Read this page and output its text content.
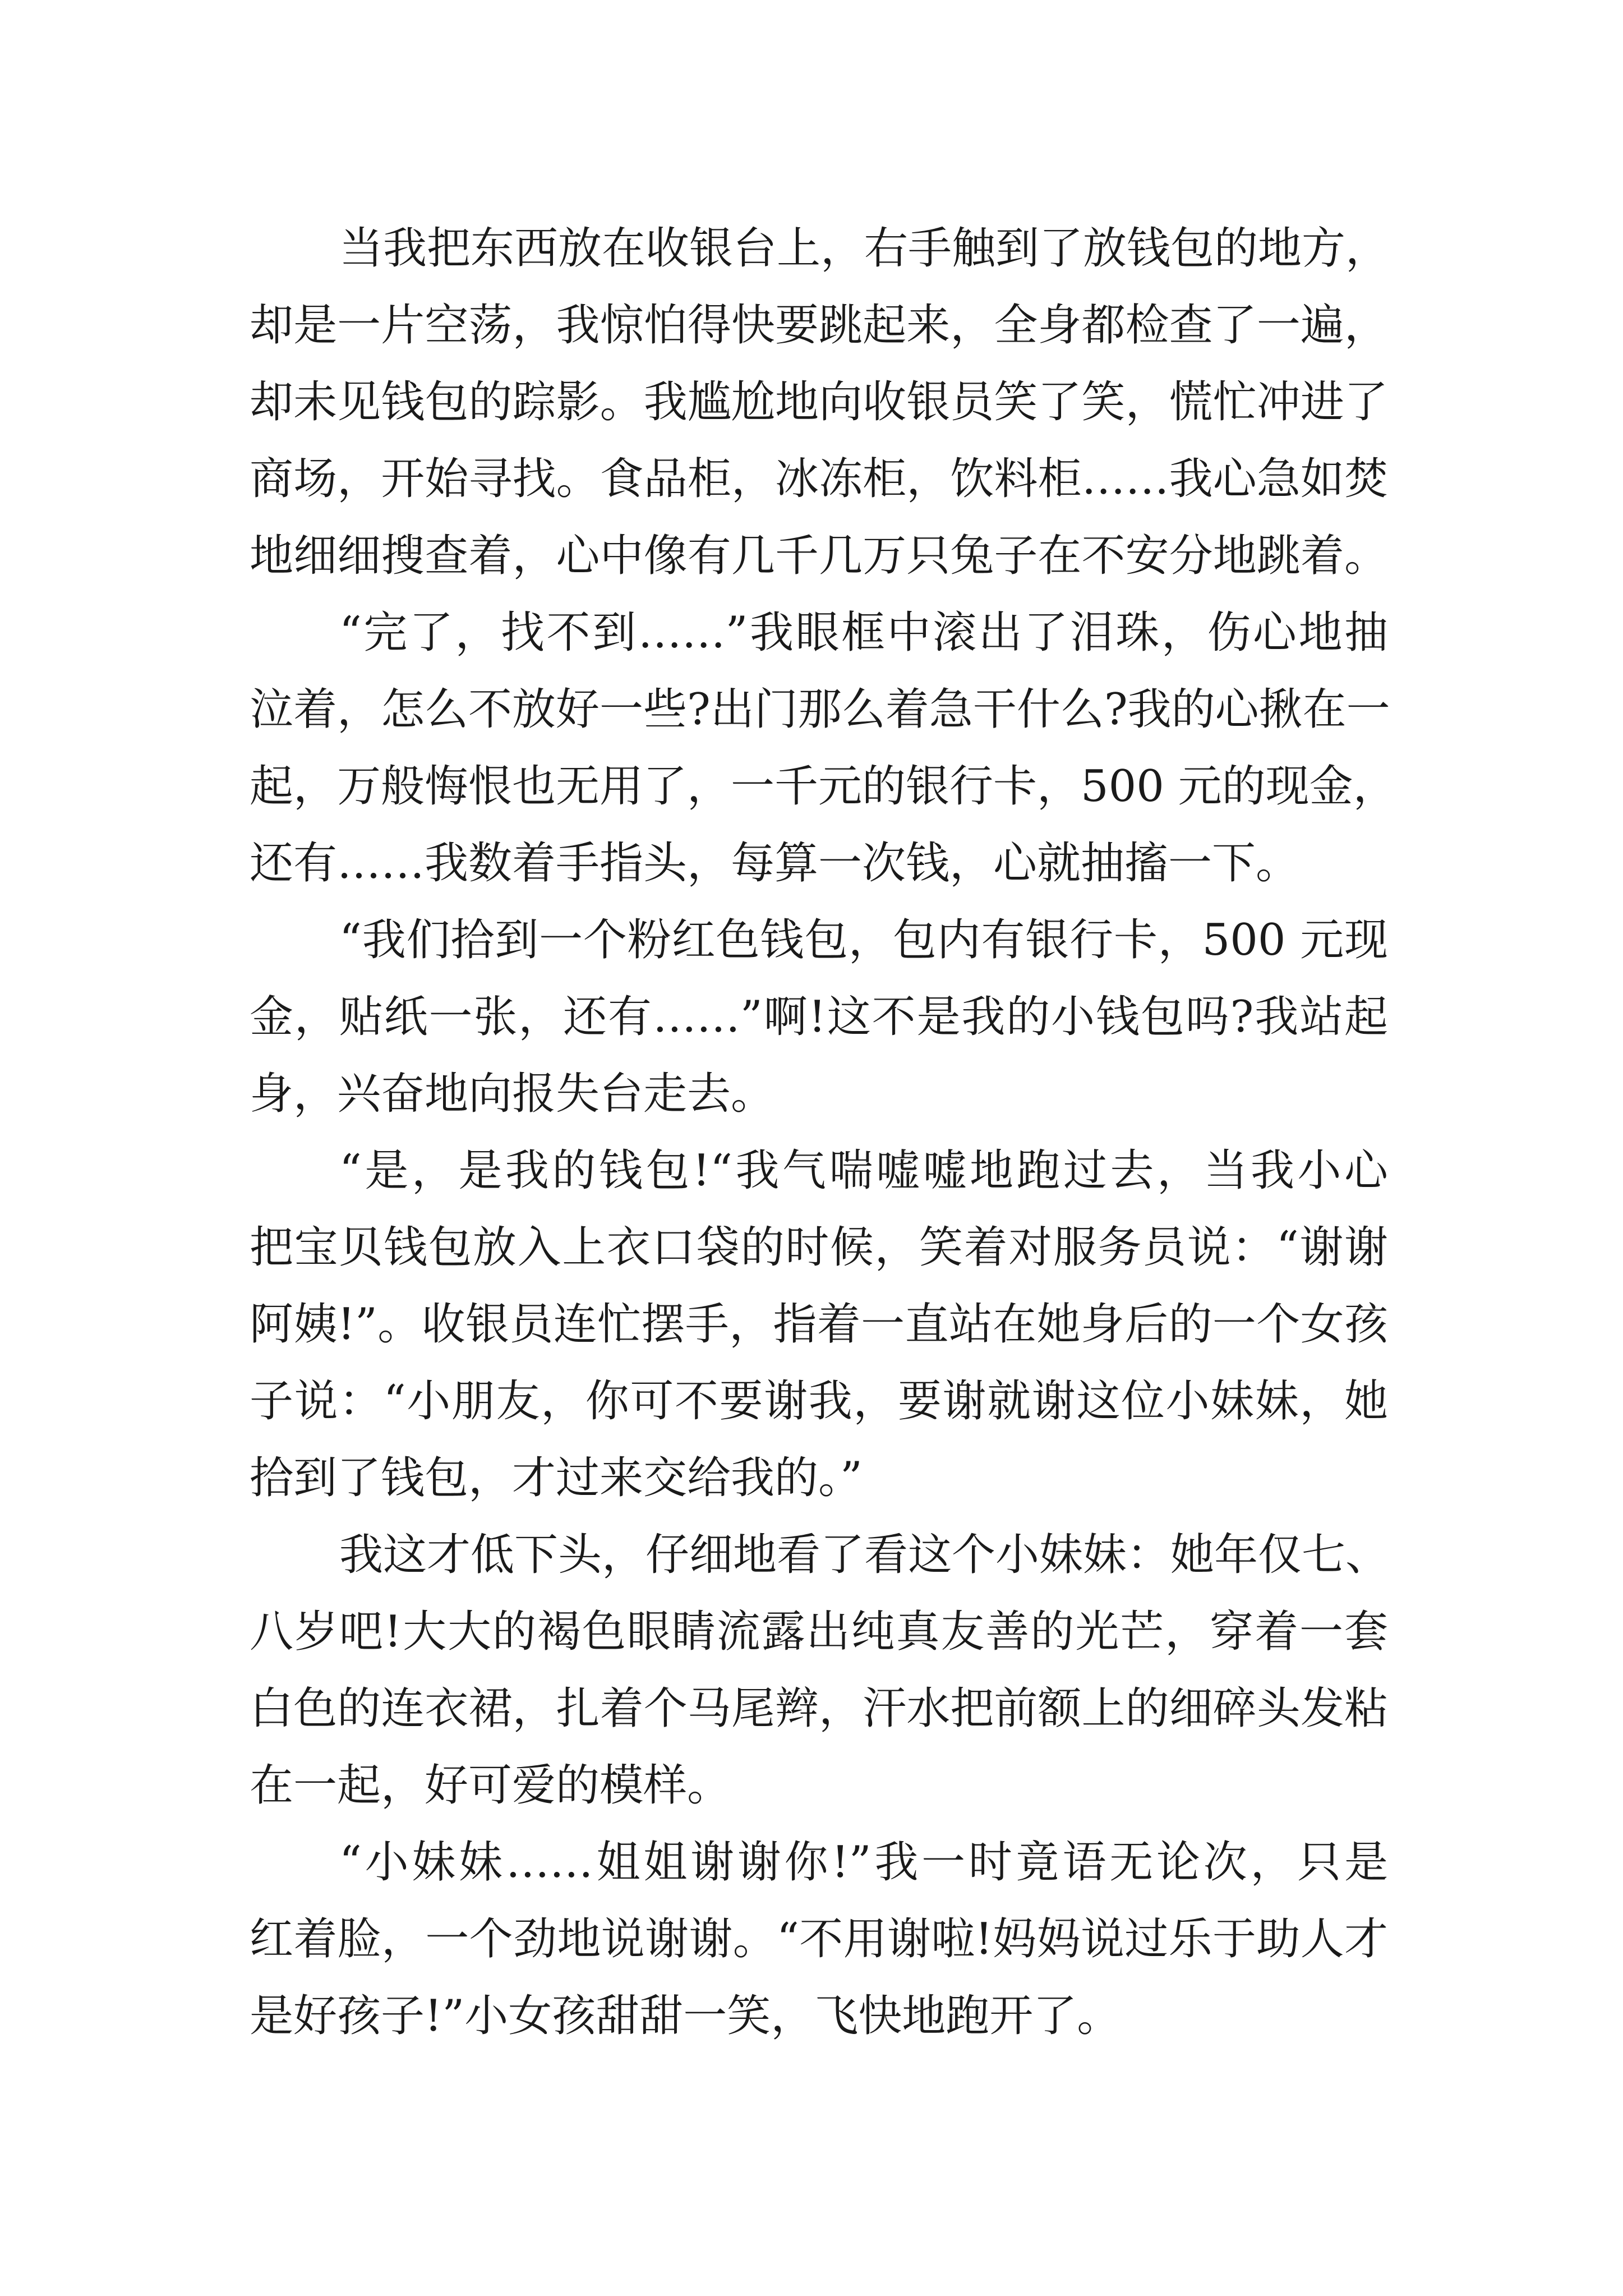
当我把东西放在收银台上，右手触到了放钱包的地方，
却是一片空荡，我惊怕得快要跳起来，全身都检查了一遍，
却未见钱包的踪影。我尴尬地向收银员笑了笑，慌忙冲进了
商场，开始寻找。食品柜，冰冻柜，饮料柜……我心急如焚
地细细搜查着，心中像有几千几万只兔子在不安分地跳着。

“完了，找不到……”我眼框中滚出了泪珠，伤心地抽
泣着，怎么不放好一些?出门那么着急干什么?我的心揪在一
起，万般悔恨也无用了，一千元的银行卡，500 元的现金，
还有……我数着手指头，每算一次钱，心就抽搐一下。

“我们拾到一个粉红色钱包，包内有银行卡，500 元现
金，贴纸一张，还有……”啊!这不是我的小钱包吗?我站起
身，兴奋地向报失台走去。

“是，是我的钱包!“我气喘嘘嘘地跑过去，当我小心
把宝贝钱包放入上衣口袋的时候，笑着对服务员说：“谢谢
阿姨!”。收银员连忙摆手，指着一直站在她身后的一个女孩
子说：“小朋友，你可不要谢我，要谢就谢这位小妹妹，她
拾到了钱包，才过来交给我的。”

我这才低下头，仔细地看了看这个小妹妹：她年仅七、
八岁吧!大大的褐色眼睛流露出纯真友善的光芒，穿着一套
白色的连衣裙，扎着个马尾辫，汗水把前额上的细碎头发粘
在一起，好可爱的模样。

“小妹妹……姐姐谢谢你!”我一时竟语无论次，只是
红着脸，一个劲地说谢谢。“不用谢啦!妈妈说过乐于助人才
是好孩子!”小女孩甜甜一笑，飞快地跑开了。
